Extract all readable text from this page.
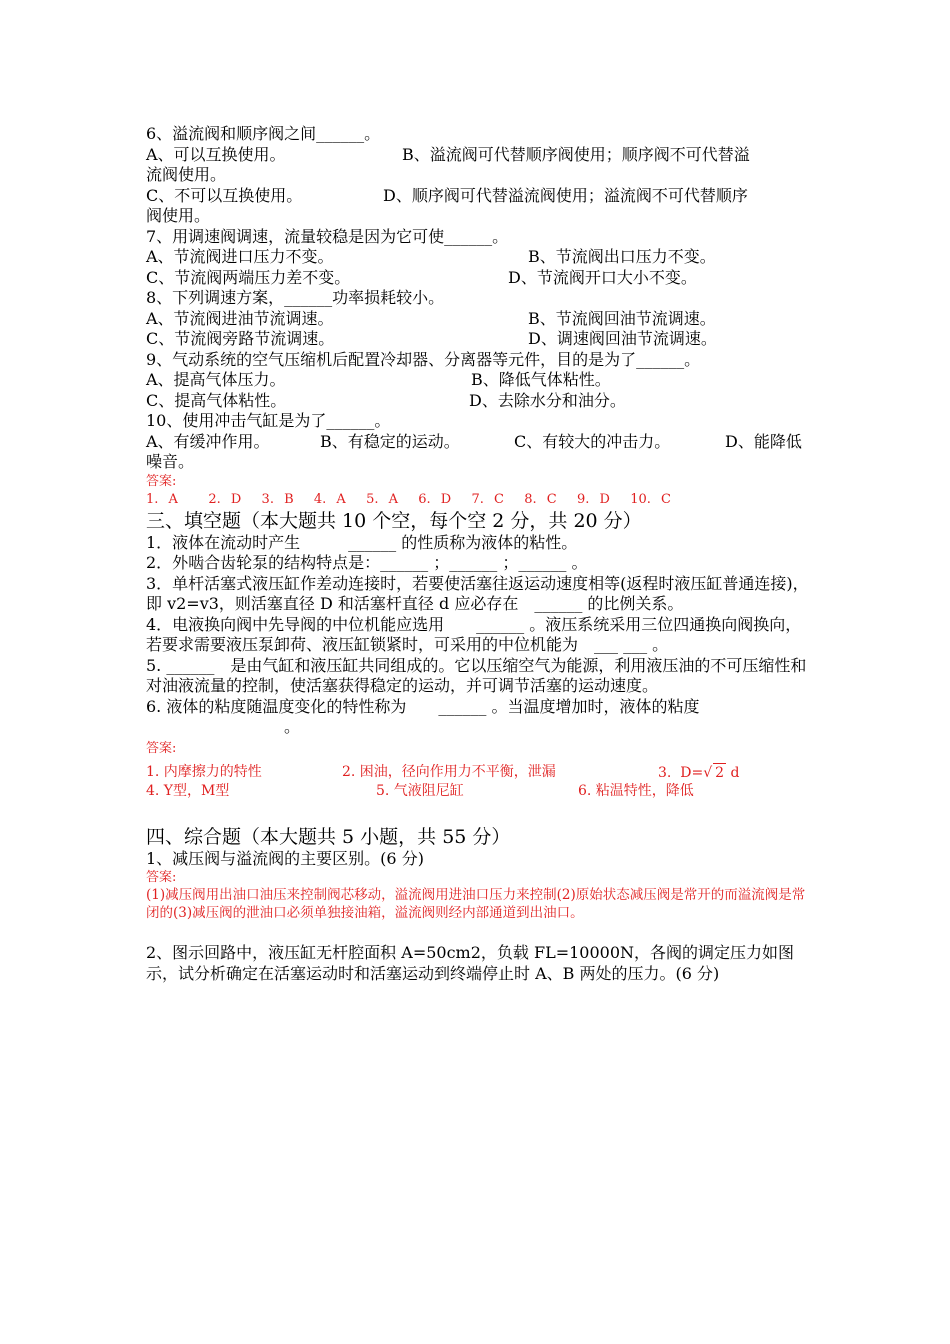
6、溢流阀和顺序阀之间______。
A、可以互换使用。	B、溢流阀可代替顺序阀使用；顺序阀不可代替溢
流阀使用。
C、不可以互换使用。	D、顺序阀可代替溢流阀使用；溢流阀不可代替顺序
阀使用。
7、用调速阀调速，流量较稳是因为它可使______。
A、节流阀进口压力不变。	B、节流阀出口压力不变。
C、节流阀两端压力差不变。	D、节流阀开口大小不变。
8、下列调速方案，______功率损耗较小。
A、节流阀进油节流调速。	B、节流阀回油节流调速。
C、节流阀旁路节流调速。	D、调速阀回油节流调速。
9、气动系统的空气压缩机后配置冷却器、分离器等元件，目的是为了______。
A、提高气体压力。	B、降低气体粘性。
C、提高气体粘性。	D、去除水分和油分。
10、使用冲击气缸是为了______。
A、有缓冲作用。	B、有稳定的运动。	C、有较大的冲击力。	D、能降低
噪音。
答案:
1. A   2. D  3. B  4. A  5. A  6. D  7. C  8. C  9. D  10. C
三、填空题（本大题共 10 个空，每个空 2 分，共 20 分）
1．液体在流动时产生　　　______ 的性质称为液体的粘性。
2．外啮合齿轮泵的结构特点是：______ ；______ ；______ 。
3．单杆活塞式液压缸作差动连接时，若要使活塞往返运动速度相等(返程时液压缸普通连接)，即 v2=v3，则活塞直径 D 和活塞杆直径 d 应必存在　______ 的比例关系。
4．电液换向阀中先导阀的中位机能应选用　　______ 。液压系统采用三位四通换向阀换向，若要求需要液压泵卸荷、液压缸锁紧时，可采用的中位机能为　___ ___ 。
5. ______　是由气缸和液压缸共同组成的。它以压缩空气为能源，利用液压油的不可压缩性和对油液流量的控制，使活塞获得稳定的运动，并可调节活塞的运动速度。
6. 液体的粘度随温度变化的特性称为　　______ 。当温度增加时，液体的粘度
。
答案:
1. 内摩擦力的特性	2. 困油，径向作用力不平衡，泄漏	3. D=√ 2 d
4. Y型，M型	5. 气液阻尼缸	6. 粘温特性，降低
四、综合题（本大题共 5 小题，共 55 分）
1、减压阀与溢流阀的主要区别。(6 分)
答案:
(1)减压阀用出油口油压来控制阀芯移动，溢流阀用进油口压力来控制(2)原始状态减压阀是常开的而溢流阀是常闭的(3)减压阀的泄油口必须单独接油箱，溢流阀则经内部通道到出油口。
2、图示回路中，液压缸无杆腔面积 A=50cm2，负载 FL=10000N，各阀的调定压力如图示，试分析确定在活塞运动时和活塞运动到终端停止时 A、B 两处的压力。(6 分)
